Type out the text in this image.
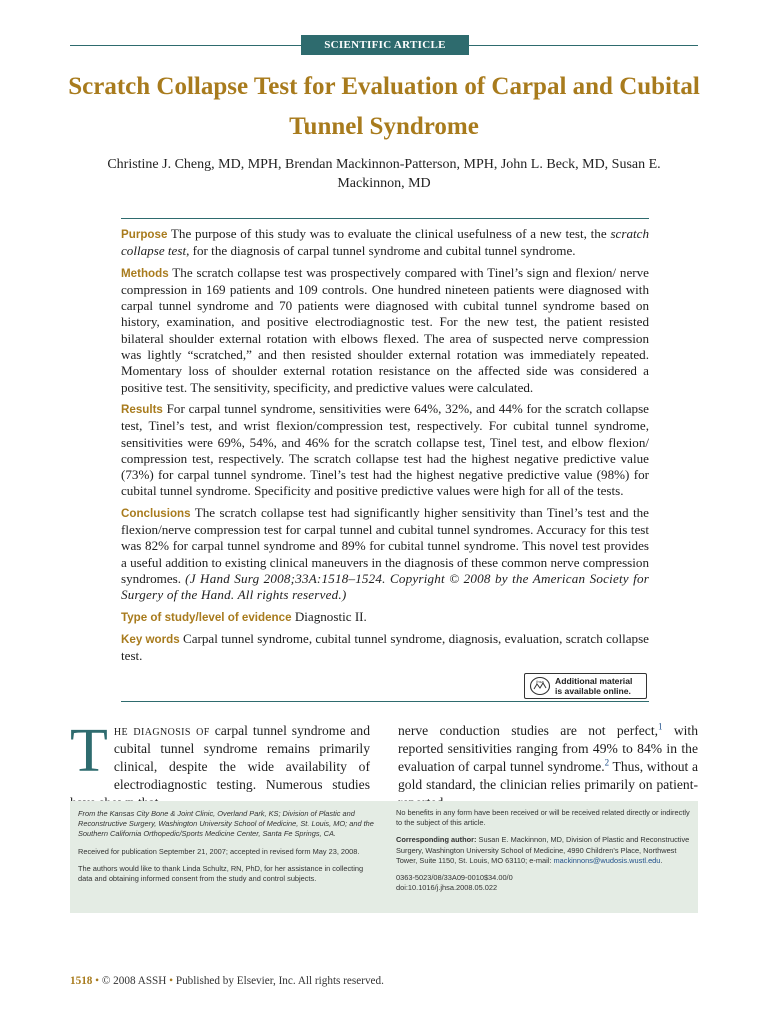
SCIENTIFIC ARTICLE
Scratch Collapse Test for Evaluation of Carpal and Cubital Tunnel Syndrome
Christine J. Cheng, MD, MPH, Brendan Mackinnon-Patterson, MPH, John L. Beck, MD, Susan E. Mackinnon, MD

Purpose The purpose of this study was to evaluate the clinical usefulness of a new test, the scratch collapse test, for the diagnosis of carpal tunnel syndrome and cubital tunnel syndrome.

Methods The scratch collapse test was prospectively compared with Tinel’s sign and flexion/ nerve compression in 169 patients and 109 controls. One hundred nineteen patients were diagnosed with carpal tunnel syndrome and 70 patients were diagnosed with cubital tunnel syndrome based on history, examination, and positive electrodiagnostic test. For the new test, the patient resisted bilateral shoulder external rotation with elbows flexed. The area of suspected nerve compression was lightly “scratched,” and then resisted shoulder external rotation was immediately repeated. Momentary loss of shoulder external rotation resistance on the affected side was considered a positive test. The sensitivity, specificity, and predictive values were calculated.

Results For carpal tunnel syndrome, sensitivities were 64%, 32%, and 44% for the scratch collapse test, Tinel’s test, and wrist flexion/compression test, respectively. For cubital tunnel syndrome, sensitivities were 69%, 54%, and 46% for the scratch collapse test, Tinel test, and elbow flexion/ compression test, respectively. The scratch collapse test had the highest negative predictive value (73%) for carpal tunnel syndrome. Tinel’s test had the highest negative predictive value (98%) for cubital tunnel syndrome. Specificity and positive predictive values were high for all of the tests.

Conclusions The scratch collapse test had significantly higher sensitivity than Tinel’s test and the flexion/nerve compression test for carpal tunnel and cubital tunnel syndromes. Accuracy for this test was 82% for carpal tunnel syndrome and 89% for cubital tunnel syndrome. This novel test provides a useful addition to existing clinical maneuvers in the diagnosis of these common nerve compression syndromes. (J Hand Surg 2008;33A:1518–1524. Copyright © 2008 by the American Society for Surgery of the Hand. All rights reserved.)

Type of study/level of evidence Diagnostic II.

Key words Carpal tunnel syndrome, cubital tunnel syndrome, diagnosis, evaluation, scratch collapse test.

jhsa Additional material
is available online.
The diagnosis of carpal tunnel syndrome and cubital tunnel syndrome remains primarily clinical, despite the wide availability of electrodiagnostic testing. Numerous studies
nerve conduction studies are not perfect,$^1$ with reported sensitivities ranging from 49% to 84% in the evaluation of carpal tunnel syndrome.$^2$ Thus, without a gold standard, the clinician relies primarily on patient-

From the Kansas City Bone & Joint Clinic, Overland Park, KS; Division of Plastic and Reconstructive Surgery, Washington University School of Medicine, St. Louis, MO; and the Southern California Orthopedic/Sports Medicine Center, Santa Fe Springs, CA.

Received for publication September 21, 2007; accepted in revised form May 23, 2008.

The authors would like to thank Linda Schultz, RN, PhD, for her assistance in collecting data and obtaining informed consent from the study and control subjects.

No benefits in any form have been received or will be received related directly or indirectly to the subject of this article.

Corresponding author: Susan E. Mackinnon, MD, Division of Plastic and Reconstructive Surgery, Washington University School of Medicine, 4990 Children’s Place, Northwest Tower, Suite 1150, St. Louis, MO 63110; e-mail: mackinnons@wudosis.wustl.edu.

0363-5023/08/33A09-0010$34.00/0
doi:10.1016/j.jhsa.2008.05.022

1518 • © 2008 ASSH • Published by Elsevier, Inc. All rights reserved.
